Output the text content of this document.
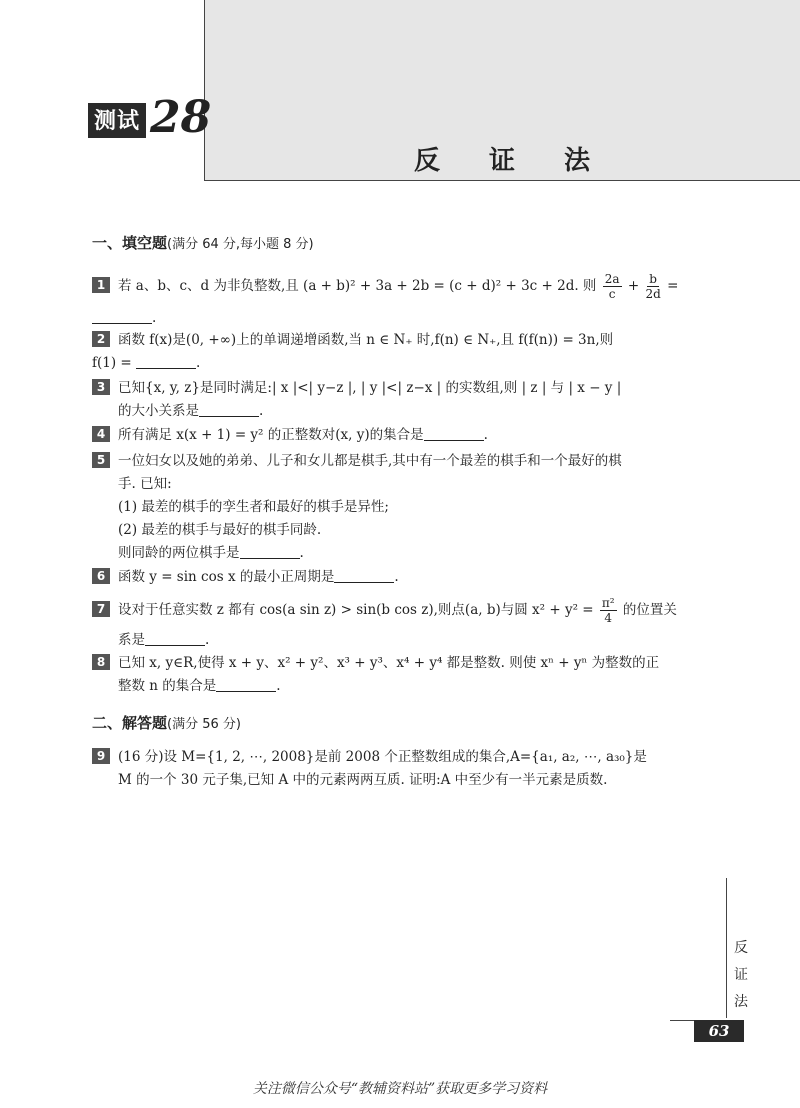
测试 28
反 证 法
一、填空题(满分 64 分,每小题 8 分)
1 若 a、b、c、d 为非负整数,且 (a + b)² + 3a + 2b = (c + d)² + 3c + 2d. 则 $\frac{2a}{c} + \frac{b}{2d}$ =
.
2 函数 f(x)是(0, +∞)上的单调递增函数,当 n ∈ N₊ 时,f(n) ∈ N₊,且 f(f(n)) = 3n,则
f(1) =	.
3 已知{x, y, z}是同时满足:| x |<| y−z |, | y |<| z−x | 的实数组,则 | z | 与 | x − y |
的大小关系是	.
4 所有满足 x(x + 1) = y² 的正整数对(x, y)的集合是	.
5 一位妇女以及她的弟弟、儿子和女儿都是棋手,其中有一个最差的棋手和一个最好的棋
手. 已知:
(1) 最差的棋手的孪生者和最好的棋手是异性;
(2) 最差的棋手与最好的棋手同龄.
则同龄的两位棋手是	.
6 函数 y = sin cos x 的最小正周期是	.
7 设对于任意实数 z 都有 cos(a sin z) > sin(b cos z),则点(a, b)与圆 $x^2 + y^2 = \frac{\text{π²}}{4}$ 的位置关
系是	.
8 已知 x, y∈R,使得 x + y、x² + y²、x³ + y³、x⁴ + y⁴ 都是整数. 则使 xⁿ + yⁿ 为整数的正
整数 n 的集合是	.
二、解答题(满分 56 分)
9 (16 分)设 M={1, 2, ⋯, 2008}是前 2008 个正整数组成的集合,A={a₁, a₂, ⋯, a₃₀}是
M 的一个 30 元子集,已知 A 中的元素两两互质. 证明:A 中至少有一半元素是质数.
反
证
法
63
关注微信公众号“教辅资料站”获取更多学习资料
